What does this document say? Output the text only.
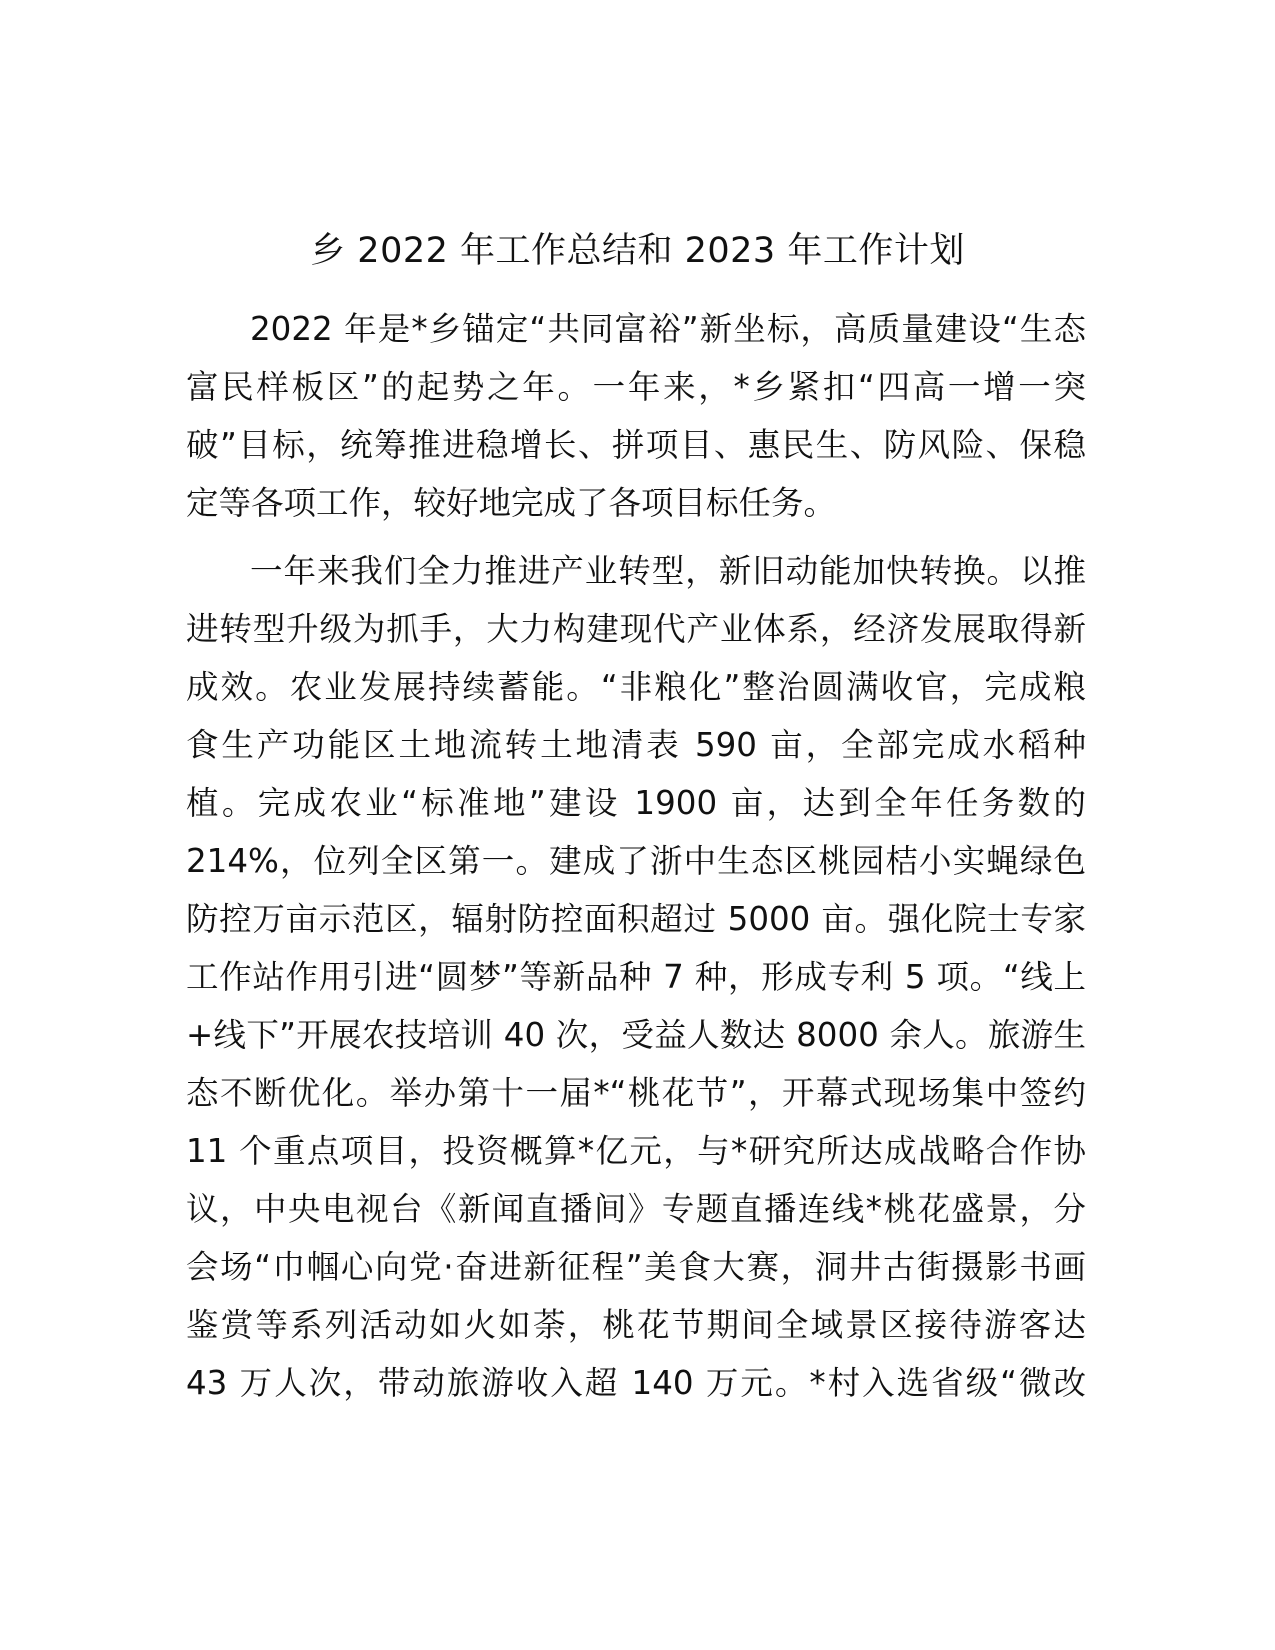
乡 2022 年工作总结和 2023 年工作计划
2022 年是*乡锚定“共同富裕”新坐标，高质量建设“生态
富民样板区”的起势之年。一年来，*乡紧扣“四高一增一突
破”目标，统筹推进稳增长、拼项目、惠民生、防风险、保稳
定等各项工作，较好地完成了各项目标任务。
一年来我们全力推进产业转型，新旧动能加快转换。以推
进转型升级为抓手，大力构建现代产业体系，经济发展取得新
成效。农业发展持续蓄能。“非粮化”整治圆满收官，完成粮
食生产功能区土地流转土地清表 590 亩，全部完成水稻种
植。完成农业“标准地”建设 1900 亩，达到全年任务数的
214%，位列全区第一。建成了浙中生态区桃园桔小实蝇绿色
防控万亩示范区，辐射防控面积超过 5000 亩。强化院士专家
工作站作用引进“圆梦”等新品种 7 种，形成专利 5 项。“线上
+线下”开展农技培训 40 次，受益人数达 8000 余人。旅游生
态不断优化。举办第十一届*“桃花节”，开幕式现场集中签约
11 个重点项目，投资概算*亿元，与*研究所达成战略合作协
议，中央电视台《新闻直播间》专题直播连线*桃花盛景，分
会场“巾帼心向党·奋进新征程”美食大赛，洞井古街摄影书画
鉴赏等系列活动如火如荼，桃花节期间全域景区接待游客达
43 万人次，带动旅游收入超 140 万元。*村入选省级“微改
